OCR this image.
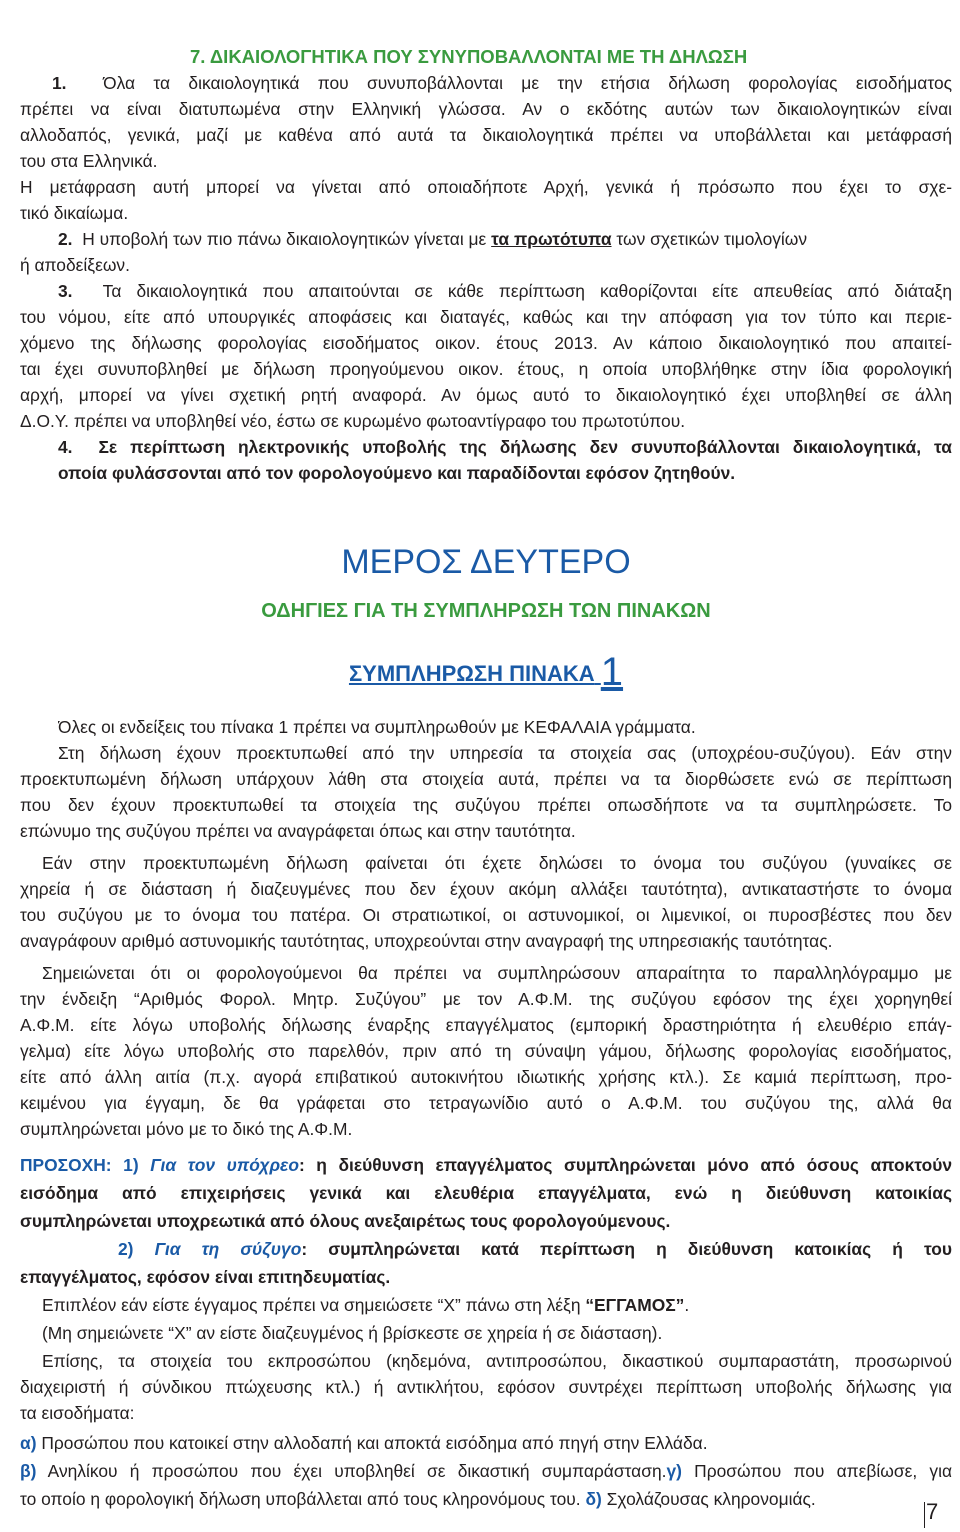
7. ΔΙΚΑΙΟΛΟΓΗΤΙΚΑ ΠΟΥ ΣΥΝΥΠΟΒΑΛΛΟΝΤΑΙ ΜΕ ΤΗ ΔΗΛΩΣΗ
1. Όλα τα δικαιολογητικά που συνυποβάλλονται με την ετήσια δήλωση φορολογίας εισοδήματος
πρέπει να είναι διατυπωμένα στην Ελληνική γλώσσα. Αν ο εκδότης αυτών των δικαιολογητικών είναι
αλλοδαπός, γενικά, μαζί με καθένα από αυτά τα δικαιολογητικά πρέπει να υποβάλλεται και μετάφρασή
του στα Ελληνικά.
Η μετάφραση αυτή μπορεί να γίνεται από οποιαδήποτε Αρχή, γενικά ή πρόσωπο που έχει το σχε-
τικό δικαίωμα.
2. Η υποβολή των πιο πάνω δικαιολογητικών γίνεται με τα πρωτότυπα των σχετικών τιμολογίων
ή αποδείξεων.
3. Τα δικαιολογητικά που απαιτούνται σε κάθε περίπτωση καθορίζονται είτε απευθείας από διάταξη
του νόμου, είτε από υπουργικές αποφάσεις και διαταγές, καθώς και την απόφαση για τον τύπο και περιε-
χόμενο της δήλωσης φορολογίας εισοδήματος οικον. έτους 2013. Αν κάποιο δικαιολογητικό που απαιτεί-
ται έχει συνυποβληθεί με δήλωση προηγούμενου οικον. έτους, η οποία υποβλήθηκε στην ίδια φορολογική
αρχή, μπορεί να γίνει σχετική ρητή αναφορά. Αν όμως αυτό το δικαιολογητικό έχει υποβληθεί σε άλλη
Δ.Ο.Υ. πρέπει να υποβληθεί νέο, έστω σε κυρωμένο φωτοαντίγραφο του πρωτοτύπου.
4. Σε περίπτωση ηλεκτρονικής υποβολής της δήλωσης δεν συνυποβάλλονται δικαιολογητικά, τα
οποία φυλάσσονται από τον φορολογούμενο και παραδίδονται εφόσον ζητηθούν.
ΜΕΡΟΣ ΔΕΥΤΕΡΟ
ΟΔΗΓΙΕΣ ΓΙΑ ΤΗ ΣΥΜΠΛΗΡΩΣΗ ΤΩΝ ΠΙΝΑΚΩΝ
ΣΥΜΠΛΗΡΩΣΗ ΠΙΝΑΚΑ 1
Όλες οι ενδείξεις του πίνακα 1 πρέπει να συμπληρωθούν με ΚΕΦΑΛΑΙΑ γράμματα.
Στη δήλωση έχουν προεκτυπωθεί από την υπηρεσία τα στοιχεία σας (υποχρέου-συζύγου). Εάν στην
προεκτυπωμένη δήλωση υπάρχουν λάθη στα στοιχεία αυτά, πρέπει να τα διορθώσετε ενώ σε περίπτωση
που δεν έχουν προεκτυπωθεί τα στοιχεία της συζύγου πρέπει οπωσδήποτε να τα συμπληρώσετε. Το
επώνυμο της συζύγου πρέπει να αναγράφεται όπως και στην ταυτότητα.
Εάν στην προεκτυπωμένη δήλωση φαίνεται ότι έχετε δηλώσει το όνομα του συζύγου (γυναίκες σε
χηρεία ή σε διάσταση ή διαζευγμένες που δεν έχουν ακόμη αλλάξει ταυτότητα), αντικαταστήστε το όνομα
του συζύγου με το όνομα του πατέρα. Οι στρατιωτικοί, οι αστυνομικοί, οι λιμενικοί, οι πυροσβέστες που δεν
αναγράφουν αριθμό αστυνομικής ταυτότητας, υποχρεούνται στην αναγραφή της υπηρεσιακής ταυτότητας.
Σημειώνεται ότι οι φορολογούμενοι θα πρέπει να συμπληρώσουν απαραίτητα το παραλληλόγραμμο με
την ένδειξη “Αριθμός Φορολ. Μητρ. Συζύγου” με τον Α.Φ.Μ. της συζύγου εφόσον της έχει χορηγηθεί
Α.Φ.Μ. είτε λόγω υποβολής δήλωσης έναρξης επαγγέλματος (εμπορική δραστηριότητα ή ελευθέριο επάγ-
γελμα) είτε λόγω υποβολής στο παρελθόν, πριν από τη σύναψη γάμου, δήλωσης φορολογίας εισοδήματος,
είτε από άλλη αιτία (π.χ. αγορά επιβατικού αυτοκινήτου ιδιωτικής χρήσης κτλ.). Σε καμιά περίπτωση, προ-
κειμένου για έγγαμη, δε θα γράφεται στο τετραγωνίδιο αυτό ο Α.Φ.Μ. του συζύγου της, αλλά θα
συμπληρώνεται μόνο με το δικό της Α.Φ.Μ.
ΠΡΟΣΟΧΗ: 1) Για τον υπόχρεο: η διεύθυνση επαγγέλματος συμπληρώνεται μόνο από όσους αποκτούν
εισόδημα από επιχειρήσεις γενικά και ελευθέρια επαγγέλματα, ενώ η διεύθυνση κατοικίας
συμπληρώνεται υποχρεωτικά από όλους ανεξαιρέτως τους φορολογούμενους.
2) Για τη σύζυγο: συμπληρώνεται κατά περίπτωση η διεύθυνση κατοικίας ή του
επαγγέλματος, εφόσον είναι επιτηδευματίας.
Επιπλέον εάν είστε έγγαμος πρέπει να σημειώσετε “Χ” πάνω στη λέξη “ΕΓΓΑΜΟΣ”.
(Μη σημειώνετε “Χ” αν είστε διαζευγμένος ή βρίσκεστε σε χηρεία ή σε διάσταση).
Επίσης, τα στοιχεία του εκπροσώπου (κηδεμόνα, αντιπροσώπου, δικαστικού συμπαραστάτη, προσωρινού
διαχειριστή ή σύνδικου πτώχευσης κτλ.) ή αντικλήτου, εφόσον συντρέχει περίπτωση υποβολής δήλωσης για
τα εισοδήματα:
α) Προσώπου που κατοικεί στην αλλοδαπή και αποκτά εισόδημα από πηγή στην Ελλάδα.
β) Ανηλίκου ή προσώπου που έχει υποβληθεί σε δικαστική συμπαράσταση.γ) Προσώπου που απεβίωσε, για
το οποίο η φορολογική δήλωση υποβάλλεται από τους κληρονόμους του. δ) Σχολάζουσας κληρονομιάς.	7
